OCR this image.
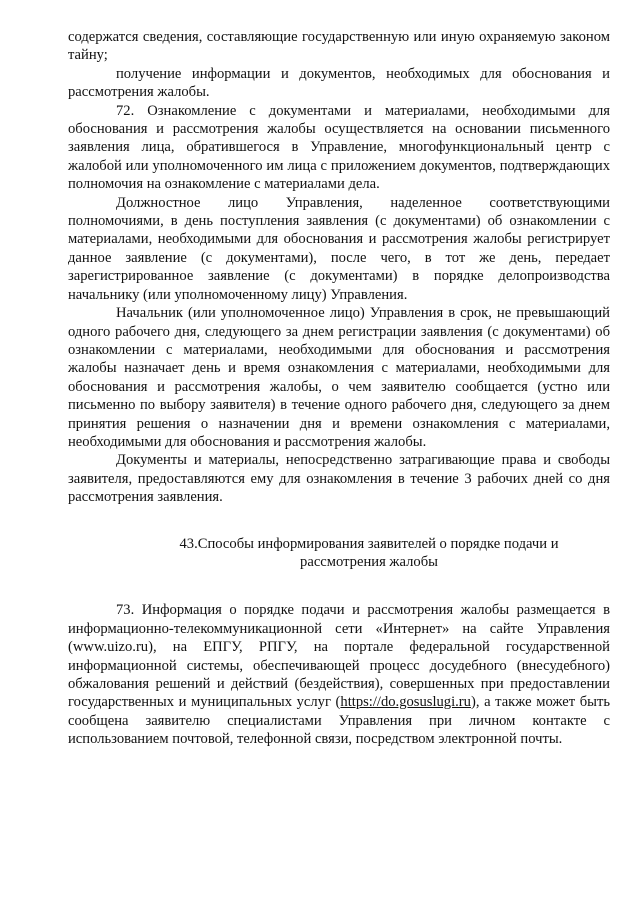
содержатся сведения, составляющие государственную или иную охраняемую законом тайну;

получение информации и документов, необходимых для обоснования и рассмотрения жалобы.

72. Ознакомление с документами и материалами, необходимыми для обоснования и рассмотрения жалобы осуществляется на основании письменного заявления лица, обратившегося в Управление, многофункциональный центр с жалобой или уполномоченного им лица с приложением документов, подтверждающих полномочия на ознакомление с материалами дела.

Должностное лицо Управления, наделенное соответствующими полномочиями, в день поступления заявления (с документами) об ознакомлении с материалами, необходимыми для обоснования и рассмотрения жалобы регистрирует данное заявление (с документами), после чего, в тот же день, передает зарегистрированное заявление (с документами) в порядке делопроизводства начальнику (или уполномоченному лицу) Управления.

Начальник (или уполномоченное лицо) Управления в срок, не превышающий одного рабочего дня, следующего за днем регистрации заявления (с документами) об ознакомлении с материалами, необходимыми для обоснования и рассмотрения жалобы назначает день и время ознакомления с материалами, необходимыми для обоснования и рассмотрения жалобы, о чем заявителю сообщается (устно или письменно по выбору заявителя) в течение одного рабочего дня, следующего за днем принятия решения о назначении дня и времени ознакомления с материалами, необходимыми для обоснования и рассмотрения жалобы.

Документы и материалы, непосредственно затрагивающие права и свободы заявителя, предоставляются ему для ознакомления в течение 3 рабочих дней со дня рассмотрения заявления.

43.Способы информирования заявителей о порядке подачи и
рассмотрения жалобы

73. Информация о порядке подачи и рассмотрения жалобы размещается в информационно-телекоммуникационной сети «Интернет» на сайте Управления (www.uizo.ru), на ЕПГУ, РПГУ, на портале федеральной государственной информационной системы, обеспечивающей процесс досудебного (внесудебного) обжалования решений и действий (бездействия), совершенных при предоставлении государственных и муниципальных услуг (https://do.gosuslugi.ru), а также может быть сообщена заявителю специалистами Управления при личном контакте с использованием почтовой, телефонной связи, посредством электронной почты.
